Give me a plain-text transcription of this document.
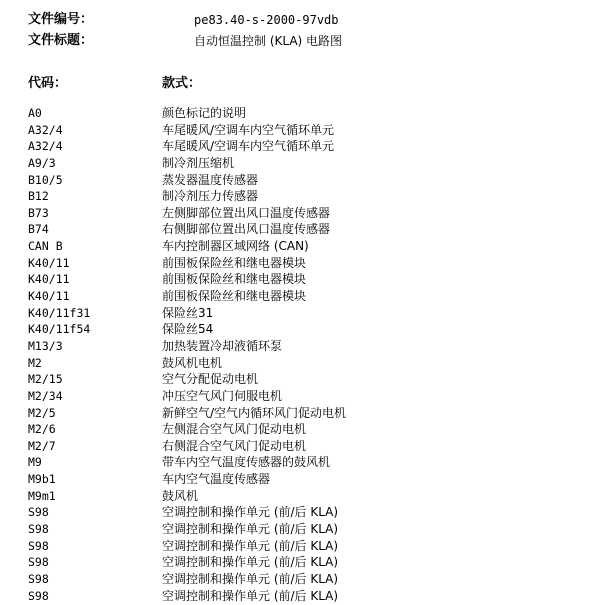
文件编号：	pe83.40-s-2000-97vdb
文件标题：	自动恒温控制 (KLA) 电路图
代码：	款式：
A0	颜色标记的说明
A32/4	车尾暖风/空调车内空气循环单元
A32/4	车尾暖风/空调车内空气循环单元
A9/3	制冷剂压缩机
B10/5	蒸发器温度传感器
B12	制冷剂压力传感器
B73	左侧脚部位置出风口温度传感器
B74	右侧脚部位置出风口温度传感器
CAN B	车内控制器区域网络 (CAN)
K40/11	前围板保险丝和继电器模块
K40/11	前围板保险丝和继电器模块
K40/11	前围板保险丝和继电器模块
K40/11f31	保险丝31
K40/11f54	保险丝54
M13/3	加热装置冷却液循环泵
M2	鼓风机电机
M2/15	空气分配促动电机
M2/34	冲压空气风门伺服电机
M2/5	新鲜空气/空气内循环风门促动电机
M2/6	左侧混合空气风门促动电机
M2/7	右侧混合空气风门促动电机
M9	带车内空气温度传感器的鼓风机
M9b1	车内空气温度传感器
M9m1	鼓风机
S98	空调控制和操作单元 (前/后 KLA)
S98	空调控制和操作单元 (前/后 KLA)
S98	空调控制和操作单元 (前/后 KLA)
S98	空调控制和操作单元 (前/后 KLA)
S98	空调控制和操作单元 (前/后 KLA)
S98	空调控制和操作单元 (前/后 KLA)
